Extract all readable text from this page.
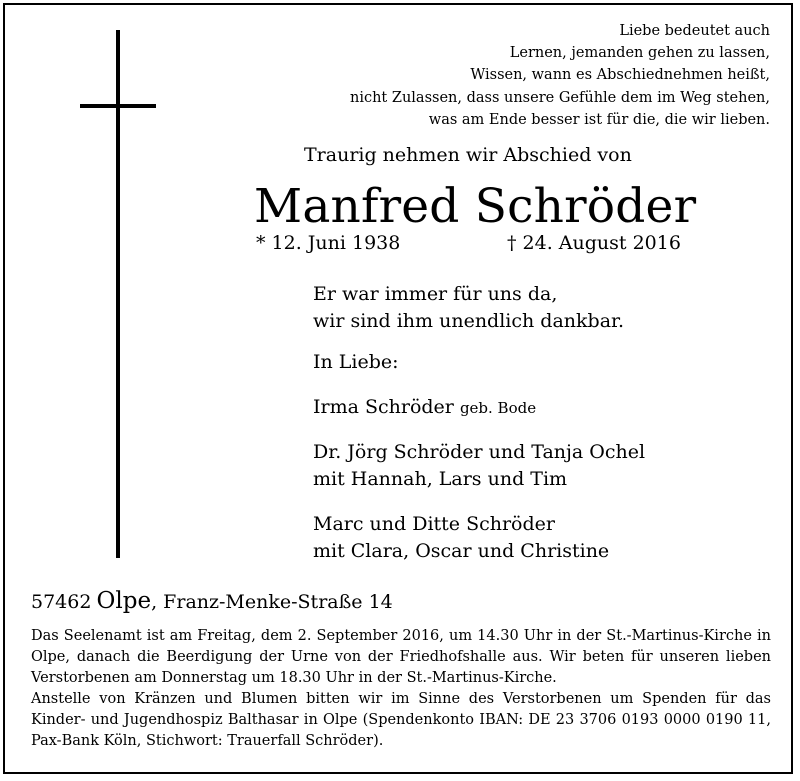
Liebe bedeutet auch
Lernen, jemanden gehen zu lassen,
Wissen, wann es Abschiednehmen heißt,
nicht Zulassen, dass unsere Gefühle dem im Weg stehen,
was am Ende besser ist für die, die wir lieben.
Traurig nehmen wir Abschied von
Manfred Schröder
* 12. Juni 1938	† 24. August 2016
Er war immer für uns da,
wir sind ihm unendlich dankbar.
In Liebe:
Irma Schröder geb. Bode
Dr. Jörg Schröder und Tanja Ochel
mit Hannah, Lars und Tim
Marc und Ditte Schröder
mit Clara, Oscar und Christine
57462 Olpe, Franz-Menke-Straße 14
Das Seelenamt ist am Freitag, dem 2. September 2016, um 14.30 Uhr in der St.-Martinus-Kirche in
Olpe, danach die Beerdigung der Urne von der Friedhofshalle aus. Wir beten für unseren lieben
Verstorbenen am Donnerstag um 18.30 Uhr in der St.-Martinus-Kirche.
Anstelle von Kränzen und Blumen bitten wir im Sinne des Verstorbenen um Spenden für das
Kinder- und Jugendhospiz Balthasar in Olpe (Spendenkonto IBAN: DE 23 3706 0193 0000 0190 11,
Pax-Bank Köln, Stichwort: Trauerfall Schröder).
